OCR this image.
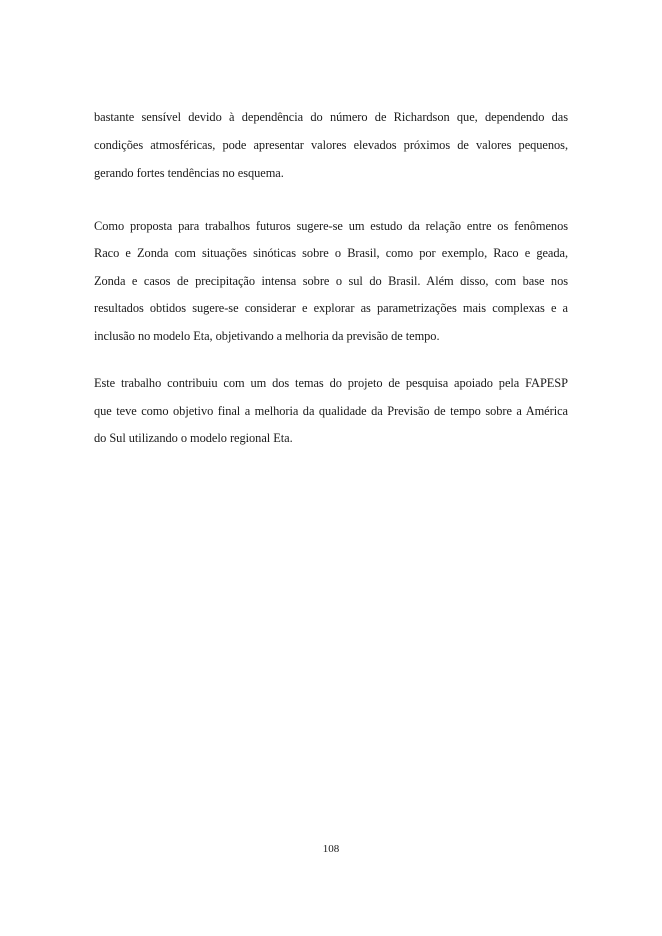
bastante sensível devido à dependência do número de Richardson que, dependendo das
condições atmosféricas, pode apresentar valores elevados próximos de valores pequenos,
gerando fortes tendências no esquema.
Como proposta para trabalhos futuros sugere-se um estudo da relação entre os fenômenos
Raco e Zonda com situações sinóticas sobre o Brasil, como por exemplo, Raco e geada,
Zonda e casos de precipitação intensa sobre o sul do Brasil. Além disso, com base nos
resultados obtidos sugere-se considerar e explorar as parametrizações mais complexas e a
inclusão no modelo Eta, objetivando a melhoria da previsão de tempo.
Este trabalho contribuiu com um dos temas do projeto de pesquisa apoiado pela FAPESP
que teve como objetivo final a melhoria da qualidade da Previsão de tempo sobre a América
do Sul utilizando o modelo regional Eta.
108
